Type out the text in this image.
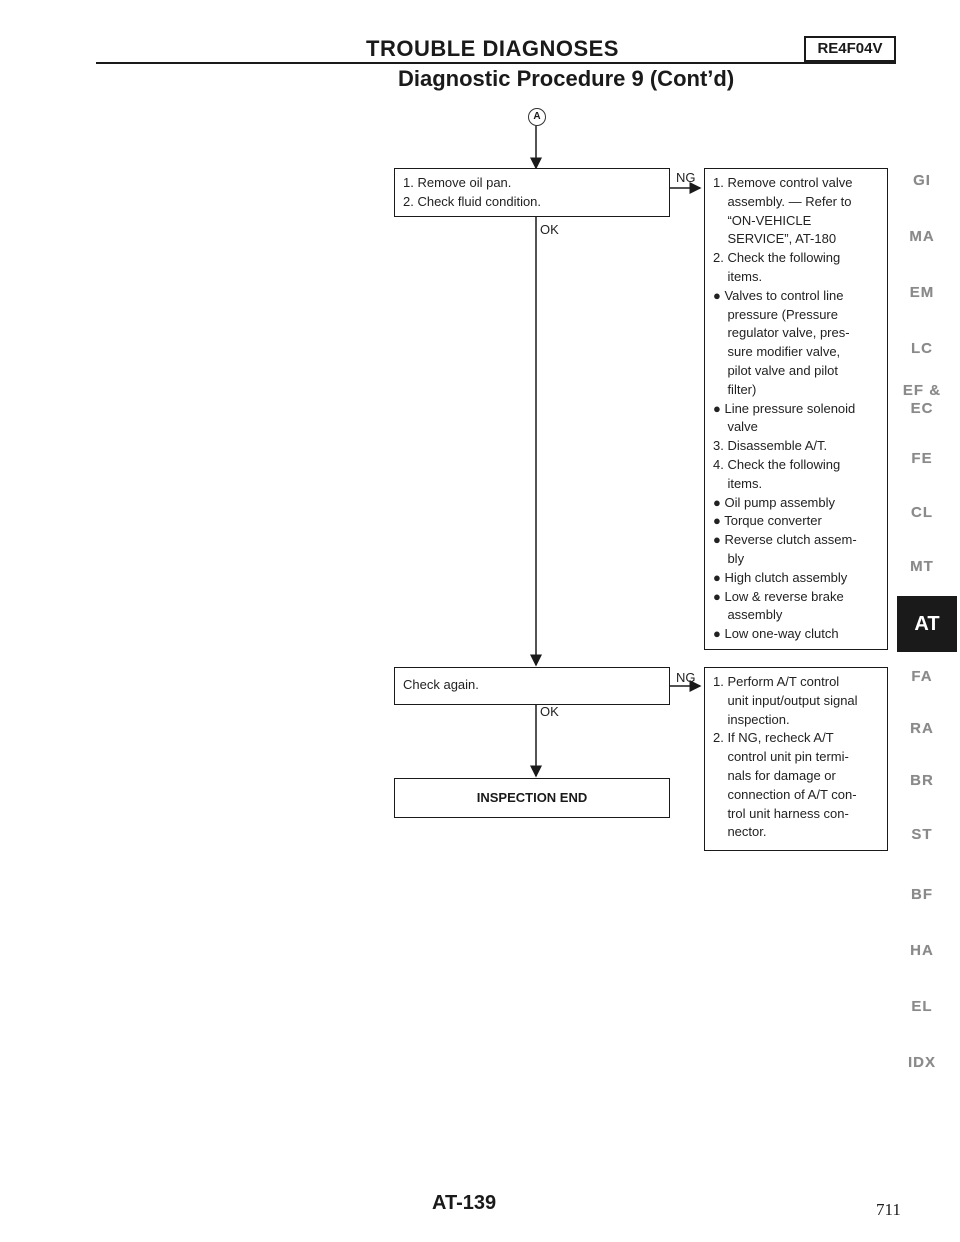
TROUBLE DIAGNOSES	RE4F04V
Diagnostic Procedure 9 (Cont’d)
A
1. Remove oil pan.
2. Check fluid condition.
OK
NG 1. Remove control valve
assembly. — Refer to
“ON-VEHICLE
SERVICE”, AT-180
2. Check the following
items.
● Valves to control line
pressure (Pressure
regulator valve, pres-
sure modifier valve,
pilot valve and pilot
filter)
● Line pressure solenoid
valve
3. Disassemble A/T.
4. Check the following
items.
● Oil pump assembly
● Torque converter
● Reverse clutch assem-
bly
● High clutch assembly
● Low & reverse brake
assembly
● Low one-way clutch
Check again.
OK
NG 1. Perform A/T control
unit input/output signal
inspection.
2. If NG, recheck A/T
control unit pin termi-
nals for damage or
connection of A/T con-
trol unit harness con-
nector.
INSPECTION END
GI
MA
EM
LC
EF &
EC
FE
CL
MT
AT
FA
RA
BR
ST
BF
HA
EL
IDX
AT-139	711
